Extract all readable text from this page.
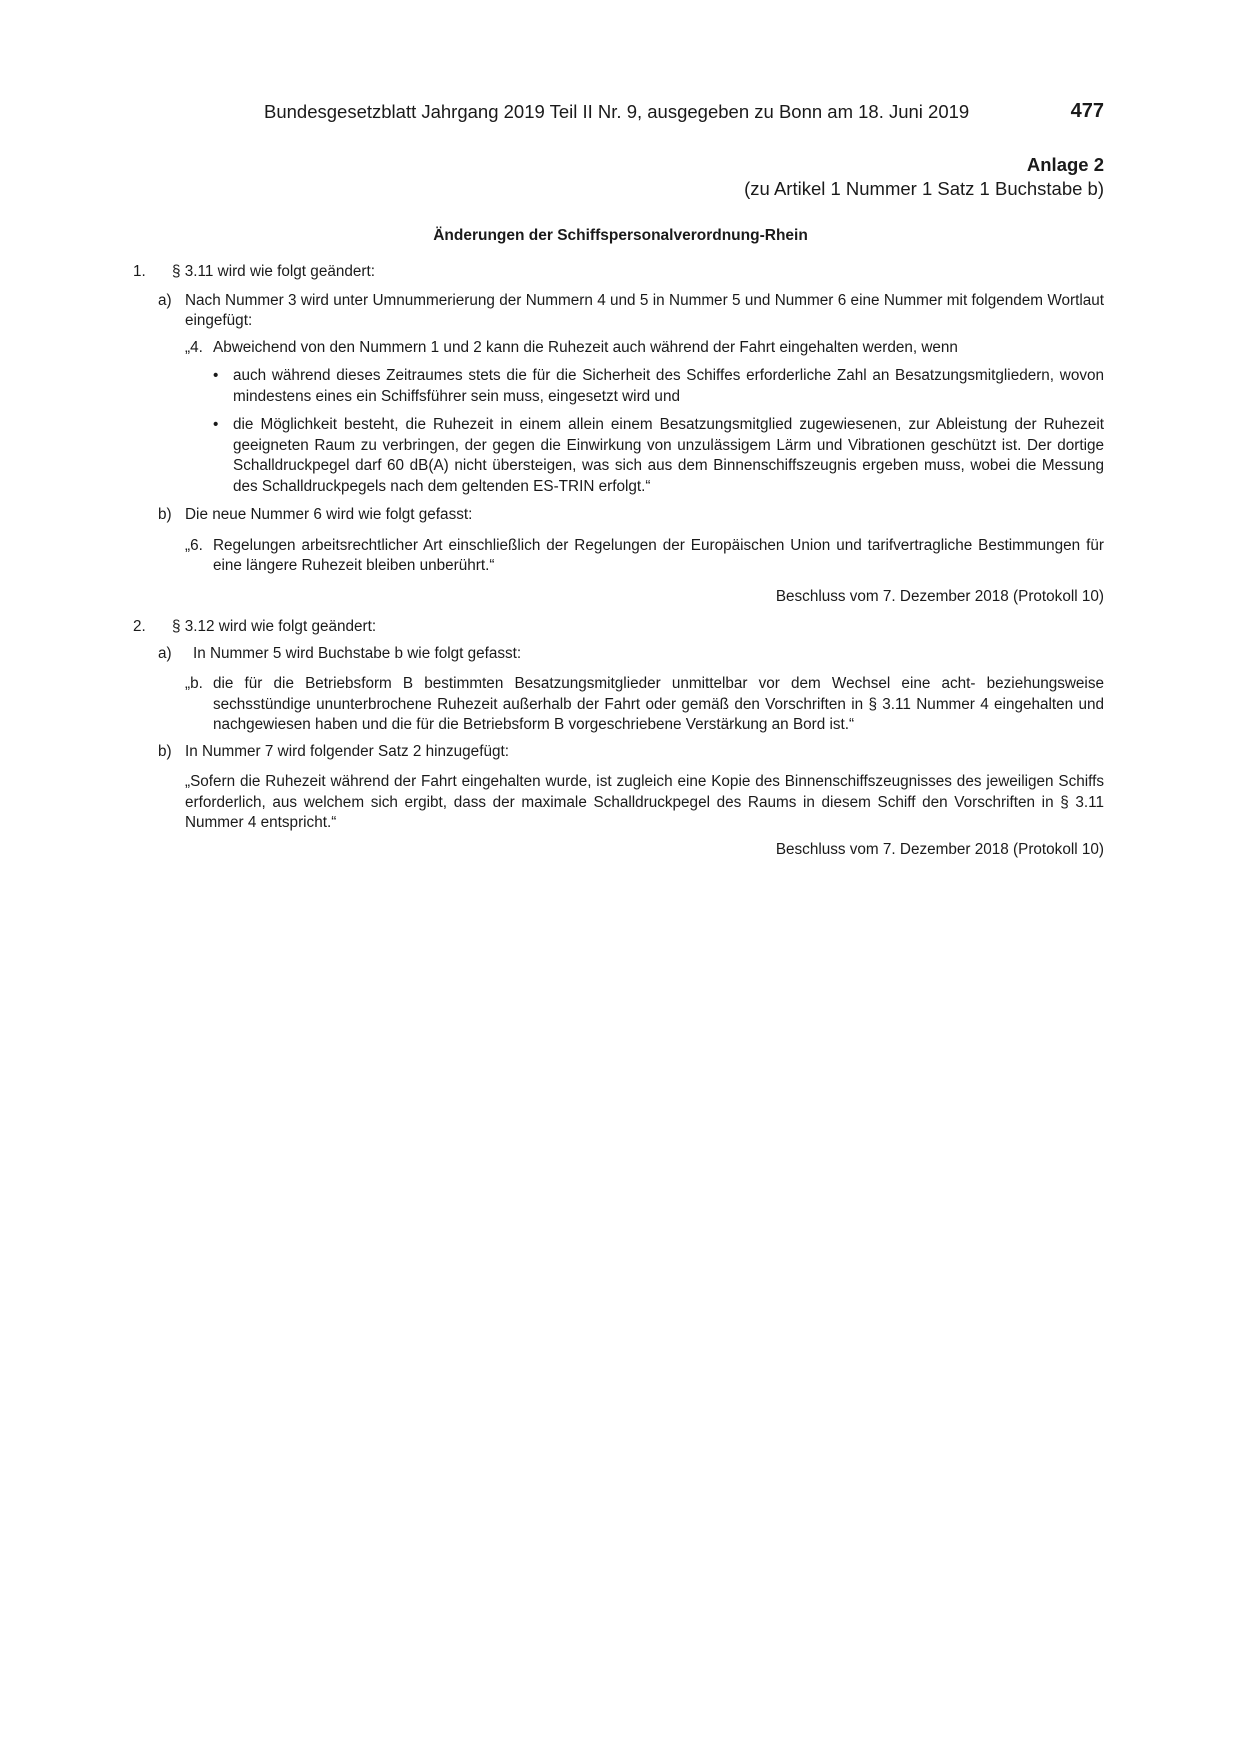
Bundesgesetzblatt Jahrgang 2019 Teil II Nr. 9, ausgegeben zu Bonn am 18. Juni 2019	477
Anlage 2
(zu Artikel 1 Nummer 1 Satz 1 Buchstabe b)
Änderungen der Schiffspersonalverordnung-Rhein
1.	§ 3.11 wird wie folgt geändert:
a) Nach Nummer 3 wird unter Umnummerierung der Nummern 4 und 5 in Nummer 5 und Nummer 6 eine Nummer mit folgendem Wortlaut eingefügt:
„4. Abweichend von den Nummern 1 und 2 kann die Ruhezeit auch während der Fahrt eingehalten werden, wenn
• auch während dieses Zeitraumes stets die für die Sicherheit des Schiffes erforderliche Zahl an Besatzungsmitgliedern, wovon mindestens eines ein Schiffsführer sein muss, eingesetzt wird und
• die Möglichkeit besteht, die Ruhezeit in einem allein einem Besatzungsmitglied zugewiesenen, zur Ableistung der Ruhezeit geeigneten Raum zu verbringen, der gegen die Einwirkung von unzulässigem Lärm und Vibrationen geschützt ist. Der dortige Schalldruckpegel darf 60 dB(A) nicht übersteigen, was sich aus dem Binnenschiffszeugnis ergeben muss, wobei die Messung des Schalldruckpegels nach dem geltenden ES-TRIN erfolgt.“
b) Die neue Nummer 6 wird wie folgt gefasst:
„6. Regelungen arbeitsrechtlicher Art einschließlich der Regelungen der Europäischen Union und tarifvertragliche Bestimmungen für eine längere Ruhezeit bleiben unberührt.“
Beschluss vom 7. Dezember 2018 (Protokoll 10)
2.	§ 3.12 wird wie folgt geändert:
a)	In Nummer 5 wird Buchstabe b wie folgt gefasst:
„b. die für die Betriebsform B bestimmten Besatzungsmitglieder unmittelbar vor dem Wechsel eine acht- beziehungsweise sechsstündige ununterbrochene Ruhezeit außerhalb der Fahrt oder gemäß den Vorschriften in § 3.11 Nummer 4 eingehalten und nachgewiesen haben und die für die Betriebsform B vorgeschriebene Verstärkung an Bord ist.“
b) In Nummer 7 wird folgender Satz 2 hinzugefügt:
„Sofern die Ruhezeit während der Fahrt eingehalten wurde, ist zugleich eine Kopie des Binnenschiffszeugnisses des jeweiligen Schiffs erforderlich, aus welchem sich ergibt, dass der maximale Schalldruckpegel des Raums in diesem Schiff den Vorschriften in § 3.11 Nummer 4 entspricht.“
Beschluss vom 7. Dezember 2018 (Protokoll 10)
